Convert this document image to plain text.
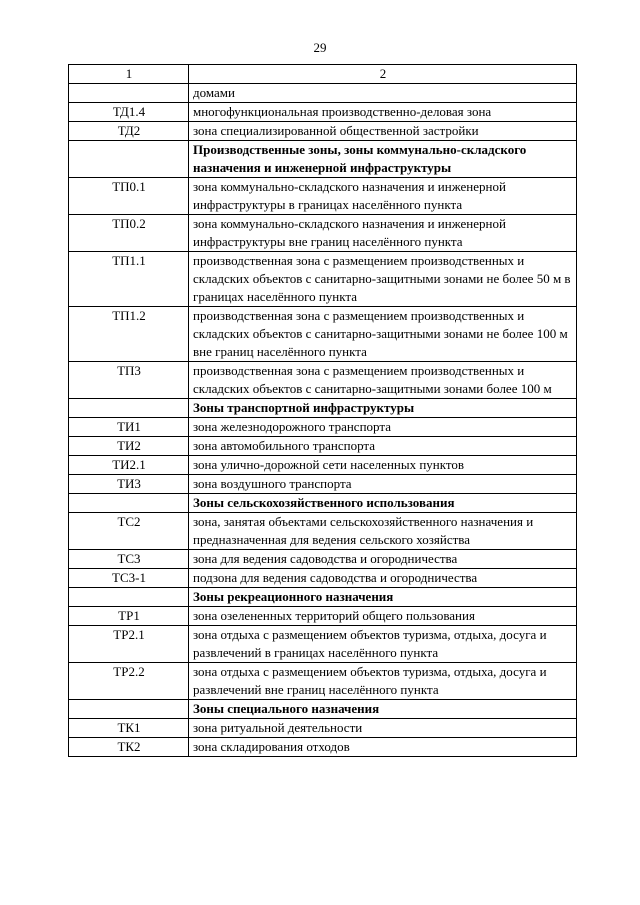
29
1	2
	домами
ТД1.4	многофункциональная производственно-деловая зона
ТД2	зона специализированной общественной застройки
	Производственные зоны, зоны коммунально-складского назначения и инженерной инфраструктуры
ТП0.1	зона коммунально-складского назначения и инженерной инфраструктуры в границах населённого пункта
ТП0.2	зона коммунально-складского назначения и инженерной инфраструктуры вне границ населённого пункта
ТП1.1	производственная зона с размещением производственных и складских объектов с санитарно-защитными зонами не более 50 м в границах населённого пункта
ТП1.2	производственная зона с размещением производственных и складских объектов с санитарно-защитными зонами не более 100 м вне границ населённого пункта
ТП3	производственная зона с размещением производственных и складских объектов с санитарно-защитными зонами более 100 м
	Зоны транспортной инфраструктуры
ТИ1	зона железнодорожного транспорта
ТИ2	зона автомобильного транспорта
ТИ2.1	зона улично-дорожной сети населенных пунктов
ТИ3	зона воздушного транспорта
	Зоны сельскохозяйственного использования
ТС2	зона, занятая объектами сельскохозяйственного назначения и предназначенная для ведения сельского хозяйства
ТС3	зона для ведения садоводства и огородничества
ТС3-1	подзона для ведения садоводства и огородничества
	Зоны рекреационного назначения
ТР1	зона озелененных территорий общего пользования
ТР2.1	зона отдыха с размещением объектов туризма, отдыха, досуга и развлечений в границах населённого пункта
ТР2.2	зона отдыха с размещением объектов туризма, отдыха, досуга и развлечений вне границ населённого пункта
	Зоны специального назначения
ТК1	зона ритуальной деятельности
ТК2	зона складирования отходов
